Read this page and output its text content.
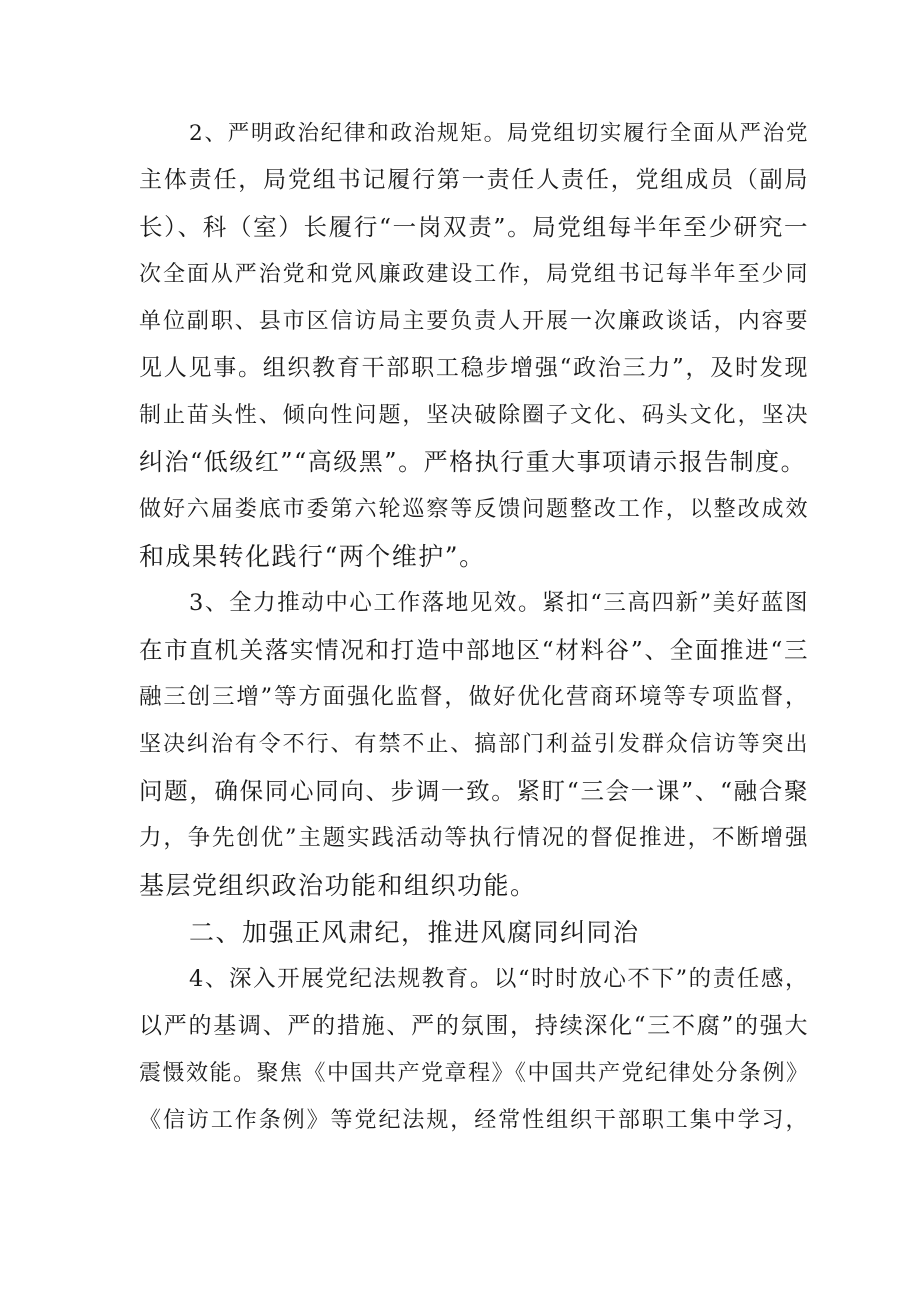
2、严明政治纪律和政治规矩。局党组切实履行全面从严治党
主体责任，局党组书记履行第一责任人责任，党组成员（副局
长）、科（室）长履行“一岗双责”。局党组每半年至少研究一
次全面从严治党和党风廉政建设工作，局党组书记每半年至少同
单位副职、县市区信访局主要负责人开展一次廉政谈话，内容要
见人见事。组织教育干部职工稳步增强“政治三力”，及时发现
制止苗头性、倾向性问题，坚决破除圈子文化、码头文化，坚决
纠治“低级红”“高级黑”。严格执行重大事项请示报告制度。
做好六届娄底市委第六轮巡察等反馈问题整改工作，以整改成效
和成果转化践行“两个维护”。
3、全力推动中心工作落地见效。紧扣“三高四新”美好蓝图
在市直机关落实情况和打造中部地区“材料谷”、全面推进“三
融三创三增”等方面强化监督，做好优化营商环境等专项监督，
坚决纠治有令不行、有禁不止、搞部门利益引发群众信访等突出
问题，确保同心同向、步调一致。紧盯“三会一课”、“融合聚
力，争先创优”主题实践活动等执行情况的督促推进，不断增强
基层党组织政治功能和组织功能。
二、加强正风肃纪，推进风腐同纠同治
4、深入开展党纪法规教育。以“时时放心不下”的责任感，
以严的基调、严的措施、严的氛围，持续深化“三不腐”的强大
震慑效能。聚焦《中国共产党章程》《中国共产党纪律处分条例》
《信访工作条例》等党纪法规，经常性组织干部职工集中学习，
